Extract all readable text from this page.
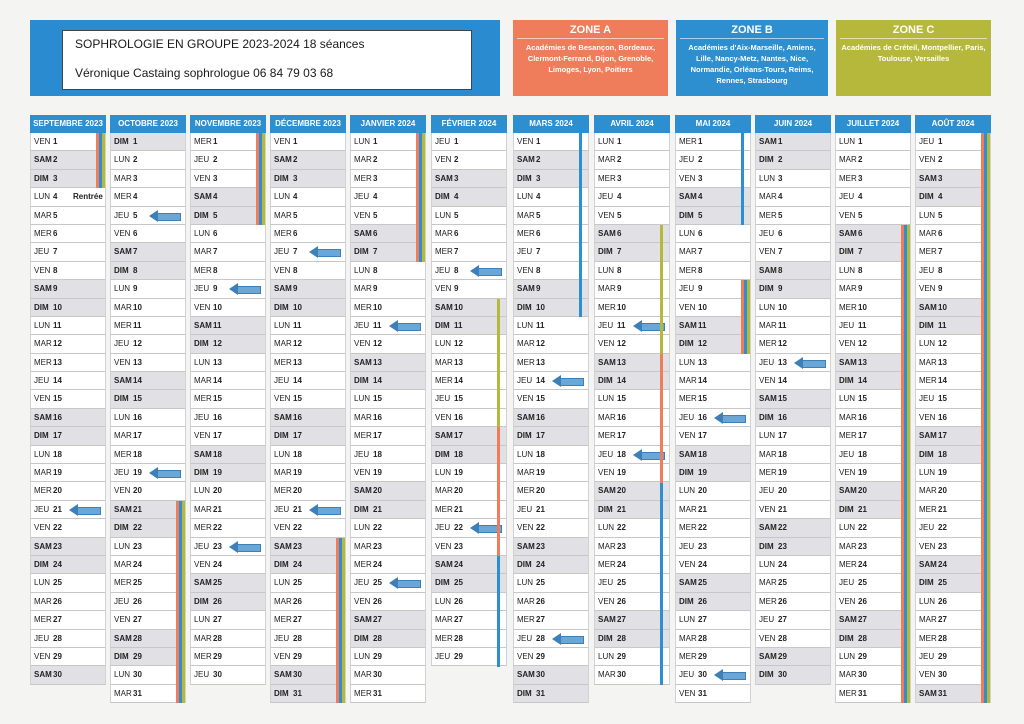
SOPHROLOGIE EN GROUPE 2023-2024 18 séances
Véronique Castaing sophrologue 06 84 79 03 68
ZONE A
Académies de Besançon, Bordeaux, Clermont-Ferrand, Dijon, Grenoble, Limoges, Lyon, Poitiers
ZONE B
Académies d'Aix-Marseille, Amiens, Lille, Nancy-Metz, Nantes, Nice, Normandie, Orléans-Tours, Reims, Rennes, Strasbourg
ZONE C
Académies de Créteil, Montpellier, Paris, Toulouse, Versailles
SEPTEMBRE 2023
VEN 1
SAM 2
DIM 3
LUN 4	Rentrée
MAR 5
MER 6
JEU 7
VEN 8
SAM 9
DIM 10
LUN 11
MAR 12
MER 13
JEU 14
VEN 15
SAM 16
DIM 17
LUN 18
MAR 19
MER 20
JEU 21
VEN 22
SAM 23
DIM 24
LUN 25
MAR 26
MER 27
JEU 28
VEN 29
SAM 30
OCTOBRE 2023
DIM 1
LUN 2
MAR 3
MER 4
JEU 5
VEN 6
SAM 7
DIM 8
LUN 9
MAR 10
MER 11
JEU 12
VEN 13
SAM 14
DIM 15
LUN 16
MAR 17
MER 18
JEU 19
VEN 20
SAM 21
DIM 22
LUN 23
MAR 24
MER 25
JEU 26
VEN 27
SAM 28
DIM 29
LUN 30
MAR 31
NOVEMBRE 2023
MER 1
JEU 2
VEN 3
SAM 4
DIM 5
LUN 6
MAR 7
MER 8
JEU 9
VEN 10
SAM 11
DIM 12
LUN 13
MAR 14
MER 15
JEU 16
VEN 17
SAM 18
DIM 19
LUN 20
MAR 21
MER 22
JEU 23
VEN 24
SAM 25
DIM 26
LUN 27
MAR 28
MER 29
JEU 30
DÉCEMBRE 2023
VEN 1
SAM 2
DIM 3
LUN 4
MAR 5
MER 6
JEU 7
VEN 8
SAM 9
DIM 10
LUN 11
MAR 12
MER 13
JEU 14
VEN 15
SAM 16
DIM 17
LUN 18
MAR 19
MER 20
JEU 21
VEN 22
SAM 23
DIM 24
LUN 25
MAR 26
MER 27
JEU 28
VEN 29
SAM 30
DIM 31
JANVIER 2024
LUN 1
MAR 2
MER 3
JEU 4
VEN 5
SAM 6
DIM 7
LUN 8
MAR 9
MER 10
JEU 11
VEN 12
SAM 13
DIM 14
LUN 15
MAR 16
MER 17
JEU 18
VEN 19
SAM 20
DIM 21
LUN 22
MAR 23
MER 24
JEU 25
VEN 26
SAM 27
DIM 28
LUN 29
MAR 30
MER 31
FÉVRIER 2024
JEU 1
VEN 2
SAM 3
DIM 4
LUN 5
MAR 6
MER 7
JEU 8
VEN 9
SAM 10
DIM 11
LUN 12
MAR 13
MER 14
JEU 15
VEN 16
SAM 17
DIM 18
LUN 19
MAR 20
MER 21
JEU 22
VEN 23
SAM 24
DIM 25
LUN 26
MAR 27
MER 28
JEU 29
MARS 2024
VEN 1
SAM 2
DIM 3
LUN 4
MAR 5
MER 6
JEU 7
VEN 8
SAM 9
DIM 10
LUN 11
MAR 12
MER 13
JEU 14
VEN 15
SAM 16
DIM 17
LUN 18
MAR 19
MER 20
JEU 21
VEN 22
SAM 23
DIM 24
LUN 25
MAR 26
MER 27
JEU 28
VEN 29
SAM 30
DIM 31
AVRIL 2024
LUN 1
MAR 2
MER 3
JEU 4
VEN 5
SAM 6
DIM 7
LUN 8
MAR 9
MER 10
JEU 11
VEN 12
SAM 13
DIM 14
LUN 15
MAR 16
MER 17
JEU 18
VEN 19
SAM 20
DIM 21
LUN 22
MAR 23
MER 24
JEU 25
VEN 26
SAM 27
DIM 28
LUN 29
MAR 30
MAI 2024
MER 1
JEU 2
VEN 3
SAM 4
DIM 5
LUN 6
MAR 7
MER 8
JEU 9
VEN 10
SAM 11
DIM 12
LUN 13
MAR 14
MER 15
JEU 16
VEN 17
SAM 18
DIM 19
LUN 20
MAR 21
MER 22
JEU 23
VEN 24
SAM 25
DIM 26
LUN 27
MAR 28
MER 29
JEU 30
VEN 31
JUIN 2024
SAM 1
DIM 2
LUN 3
MAR 4
MER 5
JEU 6
VEN 7
SAM 8
DIM 9
LUN 10
MAR 11
MER 12
JEU 13
VEN 14
SAM 15
DIM 16
LUN 17
MAR 18
MER 19
JEU 20
VEN 21
SAM 22
DIM 23
LUN 24
MAR 25
MER 26
JEU 27
VEN 28
SAM 29
DIM 30
JUILLET 2024
LUN 1
MAR 2
MER 3
JEU 4
VEN 5
SAM 6
DIM 7
LUN 8
MAR 9
MER 10
JEU 11
VEN 12
SAM 13
DIM 14
LUN 15
MAR 16
MER 17
JEU 18
VEN 19
SAM 20
DIM 21
LUN 22
MAR 23
MER 24
JEU 25
VEN 26
SAM 27
DIM 28
LUN 29
MAR 30
MER 31
AOÛT 2024
JEU 1
VEN 2
SAM 3
DIM 4
LUN 5
MAR 6
MER 7
JEU 8
VEN 9
SAM 10
DIM 11
LUN 12
MAR 13
MER 14
JEU 15
VEN 16
SAM 17
DIM 18
LUN 19
MAR 20
MER 21
JEU 22
VEN 23
SAM 24
DIM 25
LUN 26
MAR 27
MER 28
JEU 29
VEN 30
SAM 31
